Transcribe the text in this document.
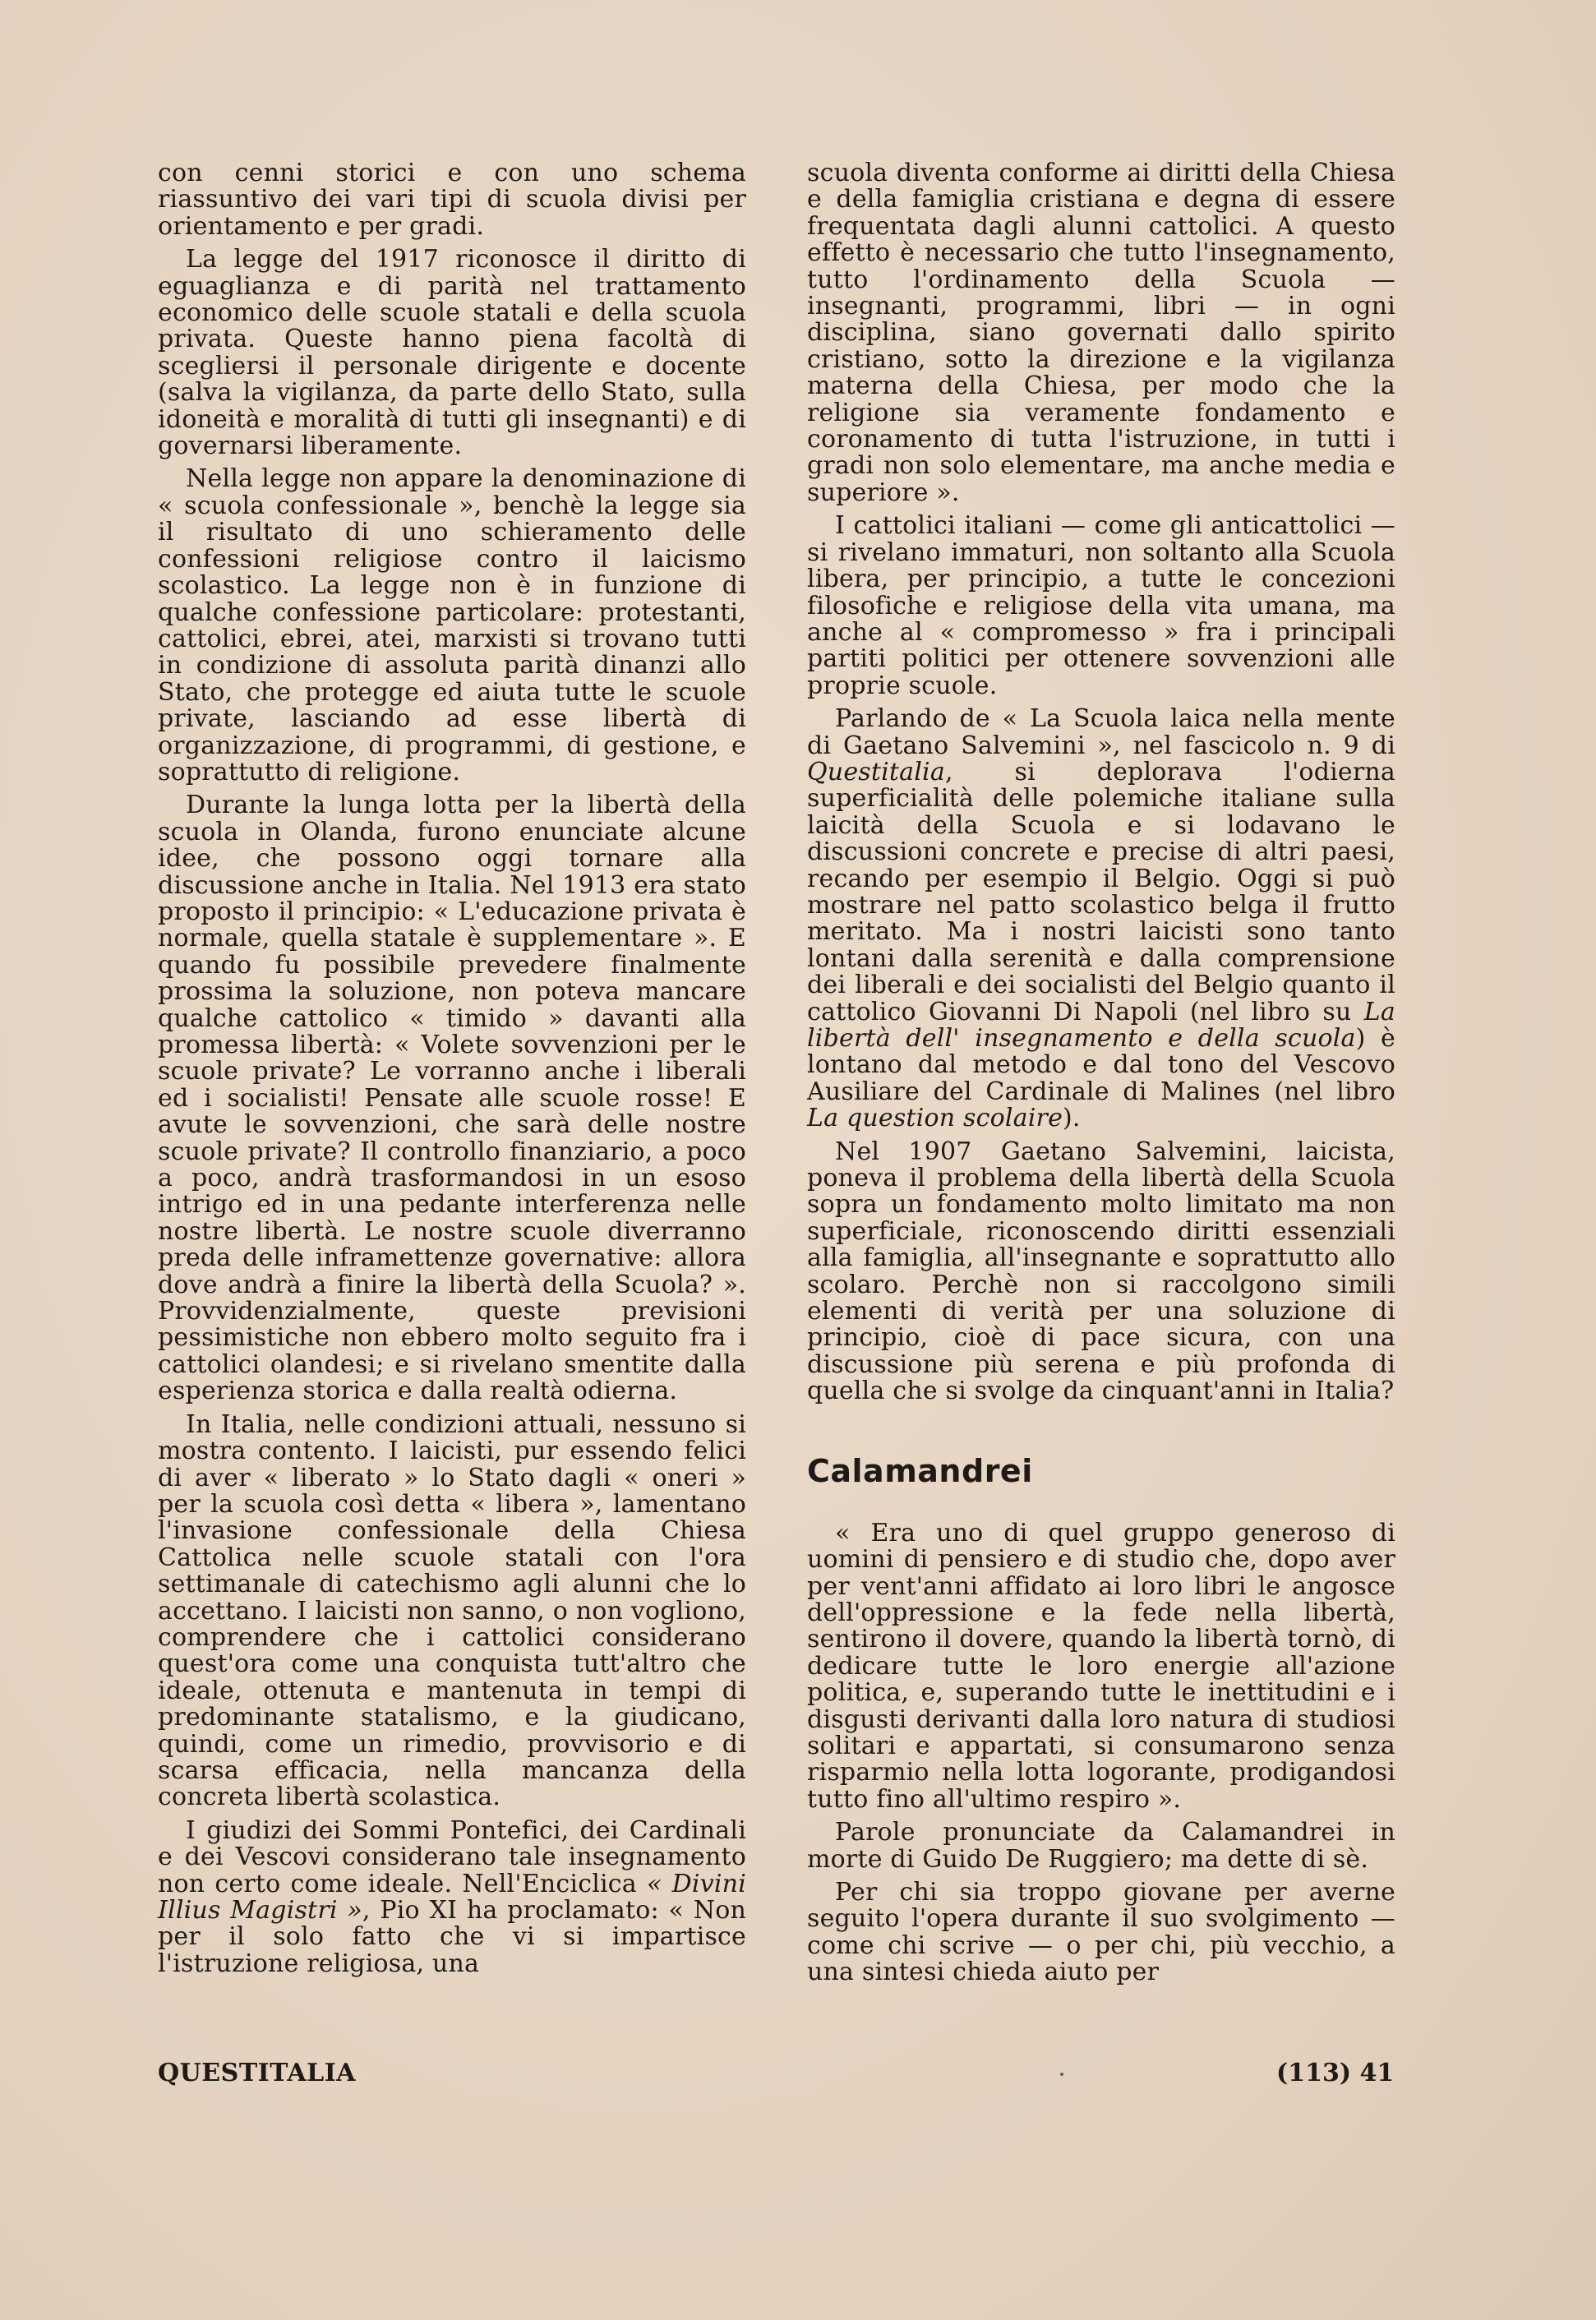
con cenni storici e con uno schema riassuntivo dei vari tipi di scuola divisi per orientamento e per gradi.

La legge del 1917 riconosce il diritto di eguaglianza e di parità nel trattamento economico delle scuole statali e della scuola privata. Queste hanno piena facoltà di scegliersi il personale dirigente e docente (salva la vigilanza, da parte dello Stato, sulla idoneità e moralità di tutti gli insegnanti) e di governarsi liberamente.

Nella legge non appare la denominazione di « scuola confessionale », benchè la legge sia il risultato di uno schieramento delle confessioni religiose contro il laicismo scolastico. La legge non è in funzione di qualche confessione particolare: protestanti, cattolici, ebrei, atei, marxisti si trovano tutti in condizione di assoluta parità dinanzi allo Stato, che protegge ed aiuta tutte le scuole private, lasciando ad esse libertà di organizzazione, di programmi, di gestione, e soprattutto di religione.

Durante la lunga lotta per la libertà della scuola in Olanda, furono enunciate alcune idee, che possono oggi tornare alla discussione anche in Italia. Nel 1913 era stato proposto il principio: « L'educazione privata è normale, quella statale è supplementare ». E quando fu possibile prevedere finalmente prossima la soluzione, non poteva mancare qualche cattolico « timido » davanti alla promessa libertà: « Volete sovvenzioni per le scuole private? Le vorranno anche i liberali ed i socialisti! Pensate alle scuole rosse! E avute le sovvenzioni, che sarà delle nostre scuole private? Il controllo finanziario, a poco a poco, andrà trasformandosi in un esoso intrigo ed in una pedante interferenza nelle nostre libertà. Le nostre scuole diverranno preda delle inframettenze governative: allora dove andrà a finire la libertà della Scuola? ». Provvidenzialmente, queste previsioni pessimistiche non ebbero molto seguito fra i cattolici olandesi; e si rivelano smentite dalla esperienza storica e dalla realtà odierna.

In Italia, nelle condizioni attuali, nessuno si mostra contento. I laicisti, pur essendo felici di aver « liberato » lo Stato dagli « oneri » per la scuola così detta « libera », lamentano l'invasione confessionale della Chiesa Cattolica nelle scuole statali con l'ora settimanale di catechismo agli alunni che lo accettano. I laicisti non sanno, o non vogliono, comprendere che i cattolici considerano quest'ora come una conquista tutt'altro che ideale, ottenuta e mantenuta in tempi di predominante statalismo, e la giudicano, quindi, come un rimedio, provvisorio e di scarsa efficacia, nella mancanza della concreta libertà scolastica.

I giudizi dei Sommi Pontefici, dei Cardinali e dei Vescovi considerano tale insegnamento non certo come ideale. Nell'Enciclica « Divini Illius Magistri », Pio XI ha proclamato: « Non per il solo fatto che vi si impartisce l'istruzione religiosa, una

scuola diventa conforme ai diritti della Chiesa e della famiglia cristiana e degna di essere frequentata dagli alunni cattolici. A questo effetto è necessario che tutto l'insegnamento, tutto l'ordinamento della Scuola — insegnanti, programmi, libri — in ogni disciplina, siano governati dallo spirito cristiano, sotto la direzione e la vigilanza materna della Chiesa, per modo che la religione sia veramente fondamento e coronamento di tutta l'istruzione, in tutti i gradi non solo elementare, ma anche media e superiore ».

I cattolici italiani — come gli anticattolici — si rivelano immaturi, non soltanto alla Scuola libera, per principio, a tutte le concezioni filosofiche e religiose della vita umana, ma anche al « compromesso » fra i principali partiti politici per ottenere sovvenzioni alle proprie scuole.

Parlando de « La Scuola laica nella mente di Gaetano Salvemini », nel fascicolo n. 9 di Questitalia, si deplorava l'odierna superficialità delle polemiche italiane sulla laicità della Scuola e si lodavano le discussioni concrete e precise di altri paesi, recando per esempio il Belgio. Oggi si può mostrare nel patto scolastico belga il frutto meritato. Ma i nostri laicisti sono tanto lontani dalla serenità e dalla comprensione dei liberali e dei socialisti del Belgio quanto il cattolico Giovanni Di Napoli (nel libro su La libertà dell' insegnamento e della scuola) è lontano dal metodo e dal tono del Vescovo Ausiliare del Cardinale di Malines (nel libro La question scolaire).

Nel 1907 Gaetano Salvemini, laicista, poneva il problema della libertà della Scuola sopra un fondamento molto limitato ma non superficiale, riconoscendo diritti essenziali alla famiglia, all'insegnante e soprattutto allo scolaro. Perchè non si raccolgono simili elementi di verità per una soluzione di principio, cioè di pace sicura, con una discussione più serena e più profonda di quella che si svolge da cinquant'anni in Italia?

Calamandrei

« Era uno di quel gruppo generoso di uomini di pensiero e di studio che, dopo aver per vent'anni affidato ai loro libri le angosce dell'oppressione e la fede nella libertà, sentirono il dovere, quando la libertà tornò, di dedicare tutte le loro energie all'azione politica, e, superando tutte le inettitudini e i disgusti derivanti dalla loro natura di studiosi solitari e appartati, si consumarono senza risparmio nella lotta logorante, prodigandosi tutto fino all'ultimo respiro ».

Parole pronunciate da Calamandrei in morte di Guido De Ruggiero; ma dette di sè.

Per chi sia troppo giovane per averne seguito l'opera durante il suo svolgimento — come chi scrive — o per chi, più vecchio, a una sintesi chieda aiuto per

QUESTITALIA	(113) 41
